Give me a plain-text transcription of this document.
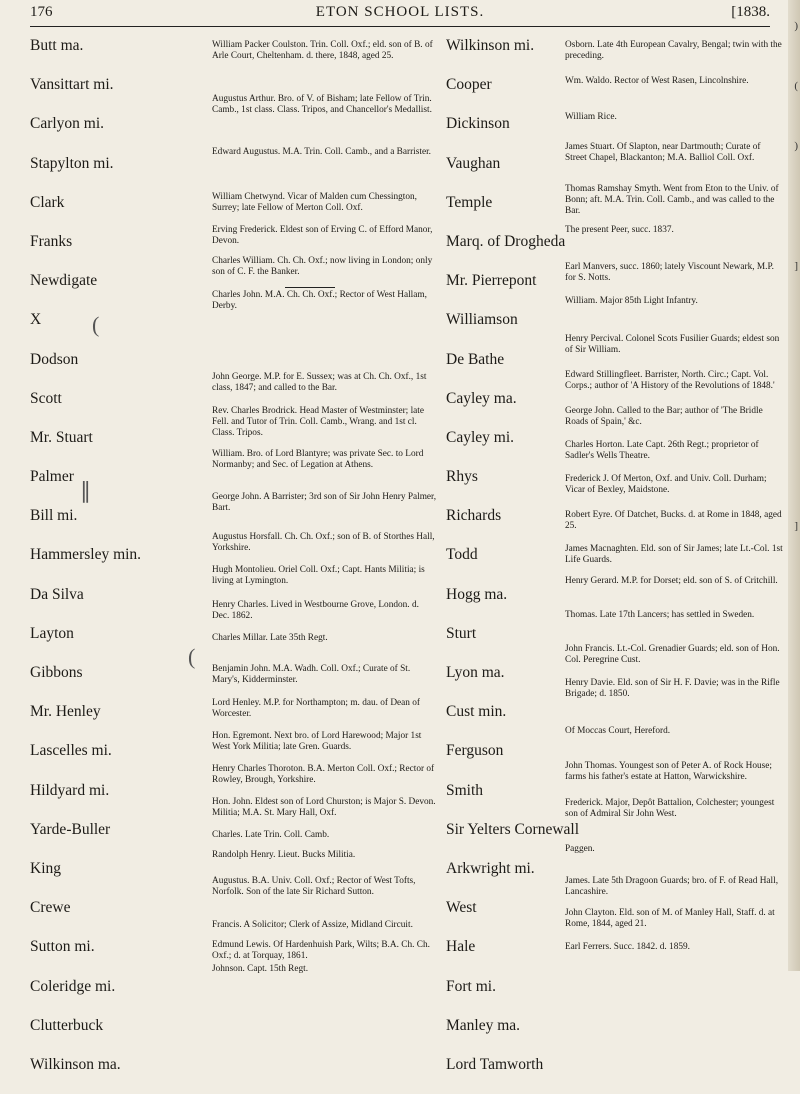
)
(
)
]
]
176	ETON SCHOOL LISTS.	[1838.
Butt ma.
Vansittart mi.
Carlyon mi.
Stapylton mi.
Clark
Franks
Newdigate
X
Dodson
Scott
Mr. Stuart
Palmer
Bill mi.
Hammersley min.
Da Silva
Layton
Gibbons
Mr. Henley
Lascelles mi.
Hildyard mi.
Yarde-Buller
King
Crewe
Sutton mi.
Coleridge mi.
Clutterbuck
Wilkinson ma.
(​
∥
(
William Packer Coulston. Trin. Coll. Oxf.; eld. son of B. of Arle Court, Cheltenham. d. there, 1848, aged 25.
Augustus Arthur. Bro. of V. of Bisham; late Fellow of Trin. Camb., 1st class. Class. Tripos, and Chancellor's Medallist.
Edward Augustus. M.A. Trin. Coll. Camb., and a Barrister.
William Chetwynd. Vicar of Malden cum Chessington, Surrey; late Fellow of Merton Coll. Oxf.
Erving Frederick. Eldest son of Erving C. of Efford Manor, Devon.
Charles William. Ch. Ch. Oxf.; now living in London; only son of C. F. the Banker.
Charles John. M.A. Ch. Ch. Oxf.; Rector of West Hallam, Derby.
John George. M.P. for E. Sussex; was at Ch. Ch. Oxf., 1st class, 1847; and called to the Bar.
Rev. Charles Brodrick. Head Master of Westminster; late Fell. and Tutor of Trin. Coll. Camb., Wrang. and 1st cl. Class. Tripos.
William. Bro. of Lord Blantyre; was private Sec. to Lord Normanby; and Sec. of Legation at Athens.
George John. A Barrister; 3rd son of Sir John Henry Palmer, Bart.
Augustus Horsfall. Ch. Ch. Oxf.; son of B. of Storthes Hall, Yorkshire.
Hugh Montolieu. Oriel Coll. Oxf.; Capt. Hants Militia; is living at Lymington.
Henry Charles. Lived in Westbourne Grove, London. d. Dec. 1862.
Charles Millar. Late 35th Regt.
Benjamin John. M.A. Wadh. Coll. Oxf.; Curate of St. Mary's, Kidderminster.
Lord Henley. M.P. for Northampton; m. dau. of Dean of Worcester.
Hon. Egremont. Next bro. of Lord Harewood; Major 1st West York Militia; late Gren. Guards.
Henry Charles Thoroton. B.A. Merton Coll. Oxf.; Rector of Rowley, Brough, Yorkshire.
Hon. John. Eldest son of Lord Churston; is Major S. Devon. Militia; M.A. St. Mary Hall, Oxf.
Charles. Late Trin. Coll. Camb.
Randolph Henry. Lieut. Bucks Militia.
Augustus. B.A. Univ. Coll. Oxf.; Rector of West Tofts, Norfolk. Son of the late Sir Richard Sutton.
Francis. A Solicitor; Clerk of Assize, Midland Circuit.
Edmund Lewis. Of Hardenhuish Park, Wilts; B.A. Ch. Ch. Oxf.; d. at Torquay, 1861.
Johnson. Capt. 15th Regt.
Wilkinson mi.
Cooper
Dickinson
Vaughan
Temple
Marq. of Drogheda
Mr. Pierrepont
Williamson
De Bathe
Cayley ma.
Cayley mi.
Rhys
Richards
Todd
Hogg ma.
Sturt
Lyon ma.
Cust min.
Ferguson
Smith
Sir Yelters Cornewall
Arkwright mi.
West
Hale
Fort mi.
Manley ma.
Lord Tamworth
Osborn. Late 4th European Cavalry, Bengal; twin with the preceding.
Wm. Waldo. Rector of West Rasen, Lincolnshire.
William Rice.
James Stuart. Of Slapton, near Dartmouth; Curate of Street Chapel, Blackanton; M.A. Balliol Coll. Oxf.
Thomas Ramshay Smyth. Went from Eton to the Univ. of Bonn; aft. M.A. Trin. Coll. Camb., and was called to the Bar.
The present Peer, succ. 1837.
Earl Manvers, succ. 1860; lately Viscount Newark, M.P. for S. Notts.
William. Major 85th Light Infantry.
Henry Percival. Colonel Scots Fusilier Guards; eldest son of Sir William.
Edward Stillingfleet. Barrister, North. Circ.; Capt. Vol. Corps.; author of 'A History of the Revolutions of 1848.'
George John. Called to the Bar; author of 'The Bridle Roads of Spain,' &c.
Charles Horton. Late Capt. 26th Regt.; proprietor of Sadler's Wells Theatre.
Frederick J. Of Merton, Oxf. and Univ. Coll. Durham; Vicar of Bexley, Maidstone.
Robert Eyre. Of Datchet, Bucks. d. at Rome in 1848, aged 25.
James Macnaghten. Eld. son of Sir James; late Lt.-Col. 1st Life Guards.
Henry Gerard. M.P. for Dorset; eld. son of S. of Critchill.
Thomas. Late 17th Lancers; has settled in Sweden.
John Francis. Lt.-Col. Grenadier Guards; eld. son of Hon. Col. Peregrine Cust.
Henry Davie. Eld. son of Sir H. F. Davie; was in the Rifle Brigade; d. 1850.
Of Moccas Court, Hereford.
John Thomas. Youngest son of Peter A. of Rock House; farms his father's estate at Hatton, Warwickshire.
Frederick. Major, Depôt Battalion, Colchester; youngest son of Admiral Sir John West.
Paggen.
James. Late 5th Dragoon Guards; bro. of F. of Read Hall, Lancashire.
John Clayton. Eld. son of M. of Manley Hall, Staff. d. at Rome, 1844, aged 21.
Earl Ferrers. Succ. 1842. d. 1859.
